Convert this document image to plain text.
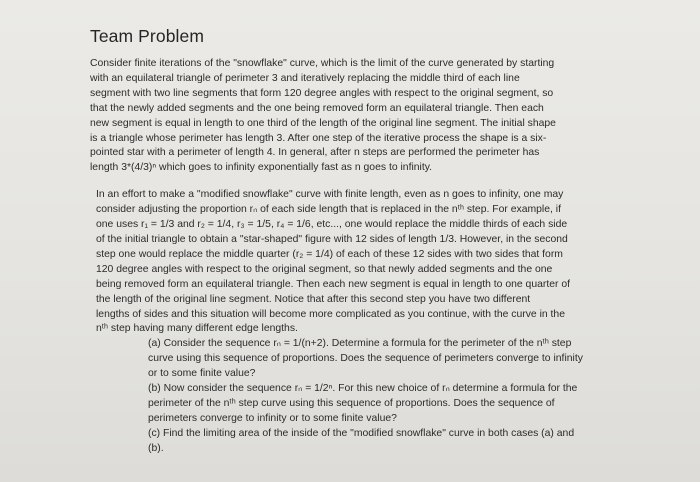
Team Problem
Consider finite iterations of the "snowflake" curve, which is the limit of the curve generated by starting
with an equilateral triangle of perimeter 3 and iteratively replacing the middle third of each line
segment with two line segments that form 120 degree angles with respect to the original segment, so
that the newly added segments and the one being removed form an equilateral triangle. Then each
new segment is equal in length to one third of the length of the original line segment. The initial shape
is a triangle whose perimeter has length 3. After one step of the iterative process the shape is a six-
pointed star with a perimeter of length 4. In general, after n steps are performed the perimeter has
length 3*(4/3)ⁿ which goes to infinity exponentially fast as n goes to infinity.
In an effort to make a "modified snowflake" curve with finite length, even as n goes to infinity, one may
consider adjusting the proportion rₙ of each side length that is replaced in the nᵗʰ step. For example, if
one uses r₁ = 1/3 and r₂ = 1/4, r₃ = 1/5, r₄ = 1/6, etc..., one would replace the middle thirds of each side
of the initial triangle to obtain a "star-shaped" figure with 12 sides of length 1/3. However, in the second
step one would replace the middle quarter (r₂ = 1/4) of each of these 12 sides with two sides that form
120 degree angles with respect to the original segment, so that newly added segments and the one
being removed form an equilateral triangle. Then each new segment is equal in length to one quarter of
the length of the original line segment. Notice that after this second step you have two different
lengths of sides and this situation will become more complicated as you continue, with the curve in the
nᵗʰ step having many different edge lengths.
(a) Consider the sequence rₙ = 1/(n+2). Determine a formula for the perimeter of the nᵗʰ step
curve using this sequence of proportions. Does the sequence of perimeters converge to infinity
or to some finite value?
(b) Now consider the sequence rₙ = 1/2ⁿ. For this new choice of rₙ determine a formula for the
perimeter of the nᵗʰ step curve using this sequence of proportions. Does the sequence of
perimeters converge to infinity or to some finite value?
(c) Find the limiting area of the inside of the "modified snowflake" curve in both cases (a) and
(b).
